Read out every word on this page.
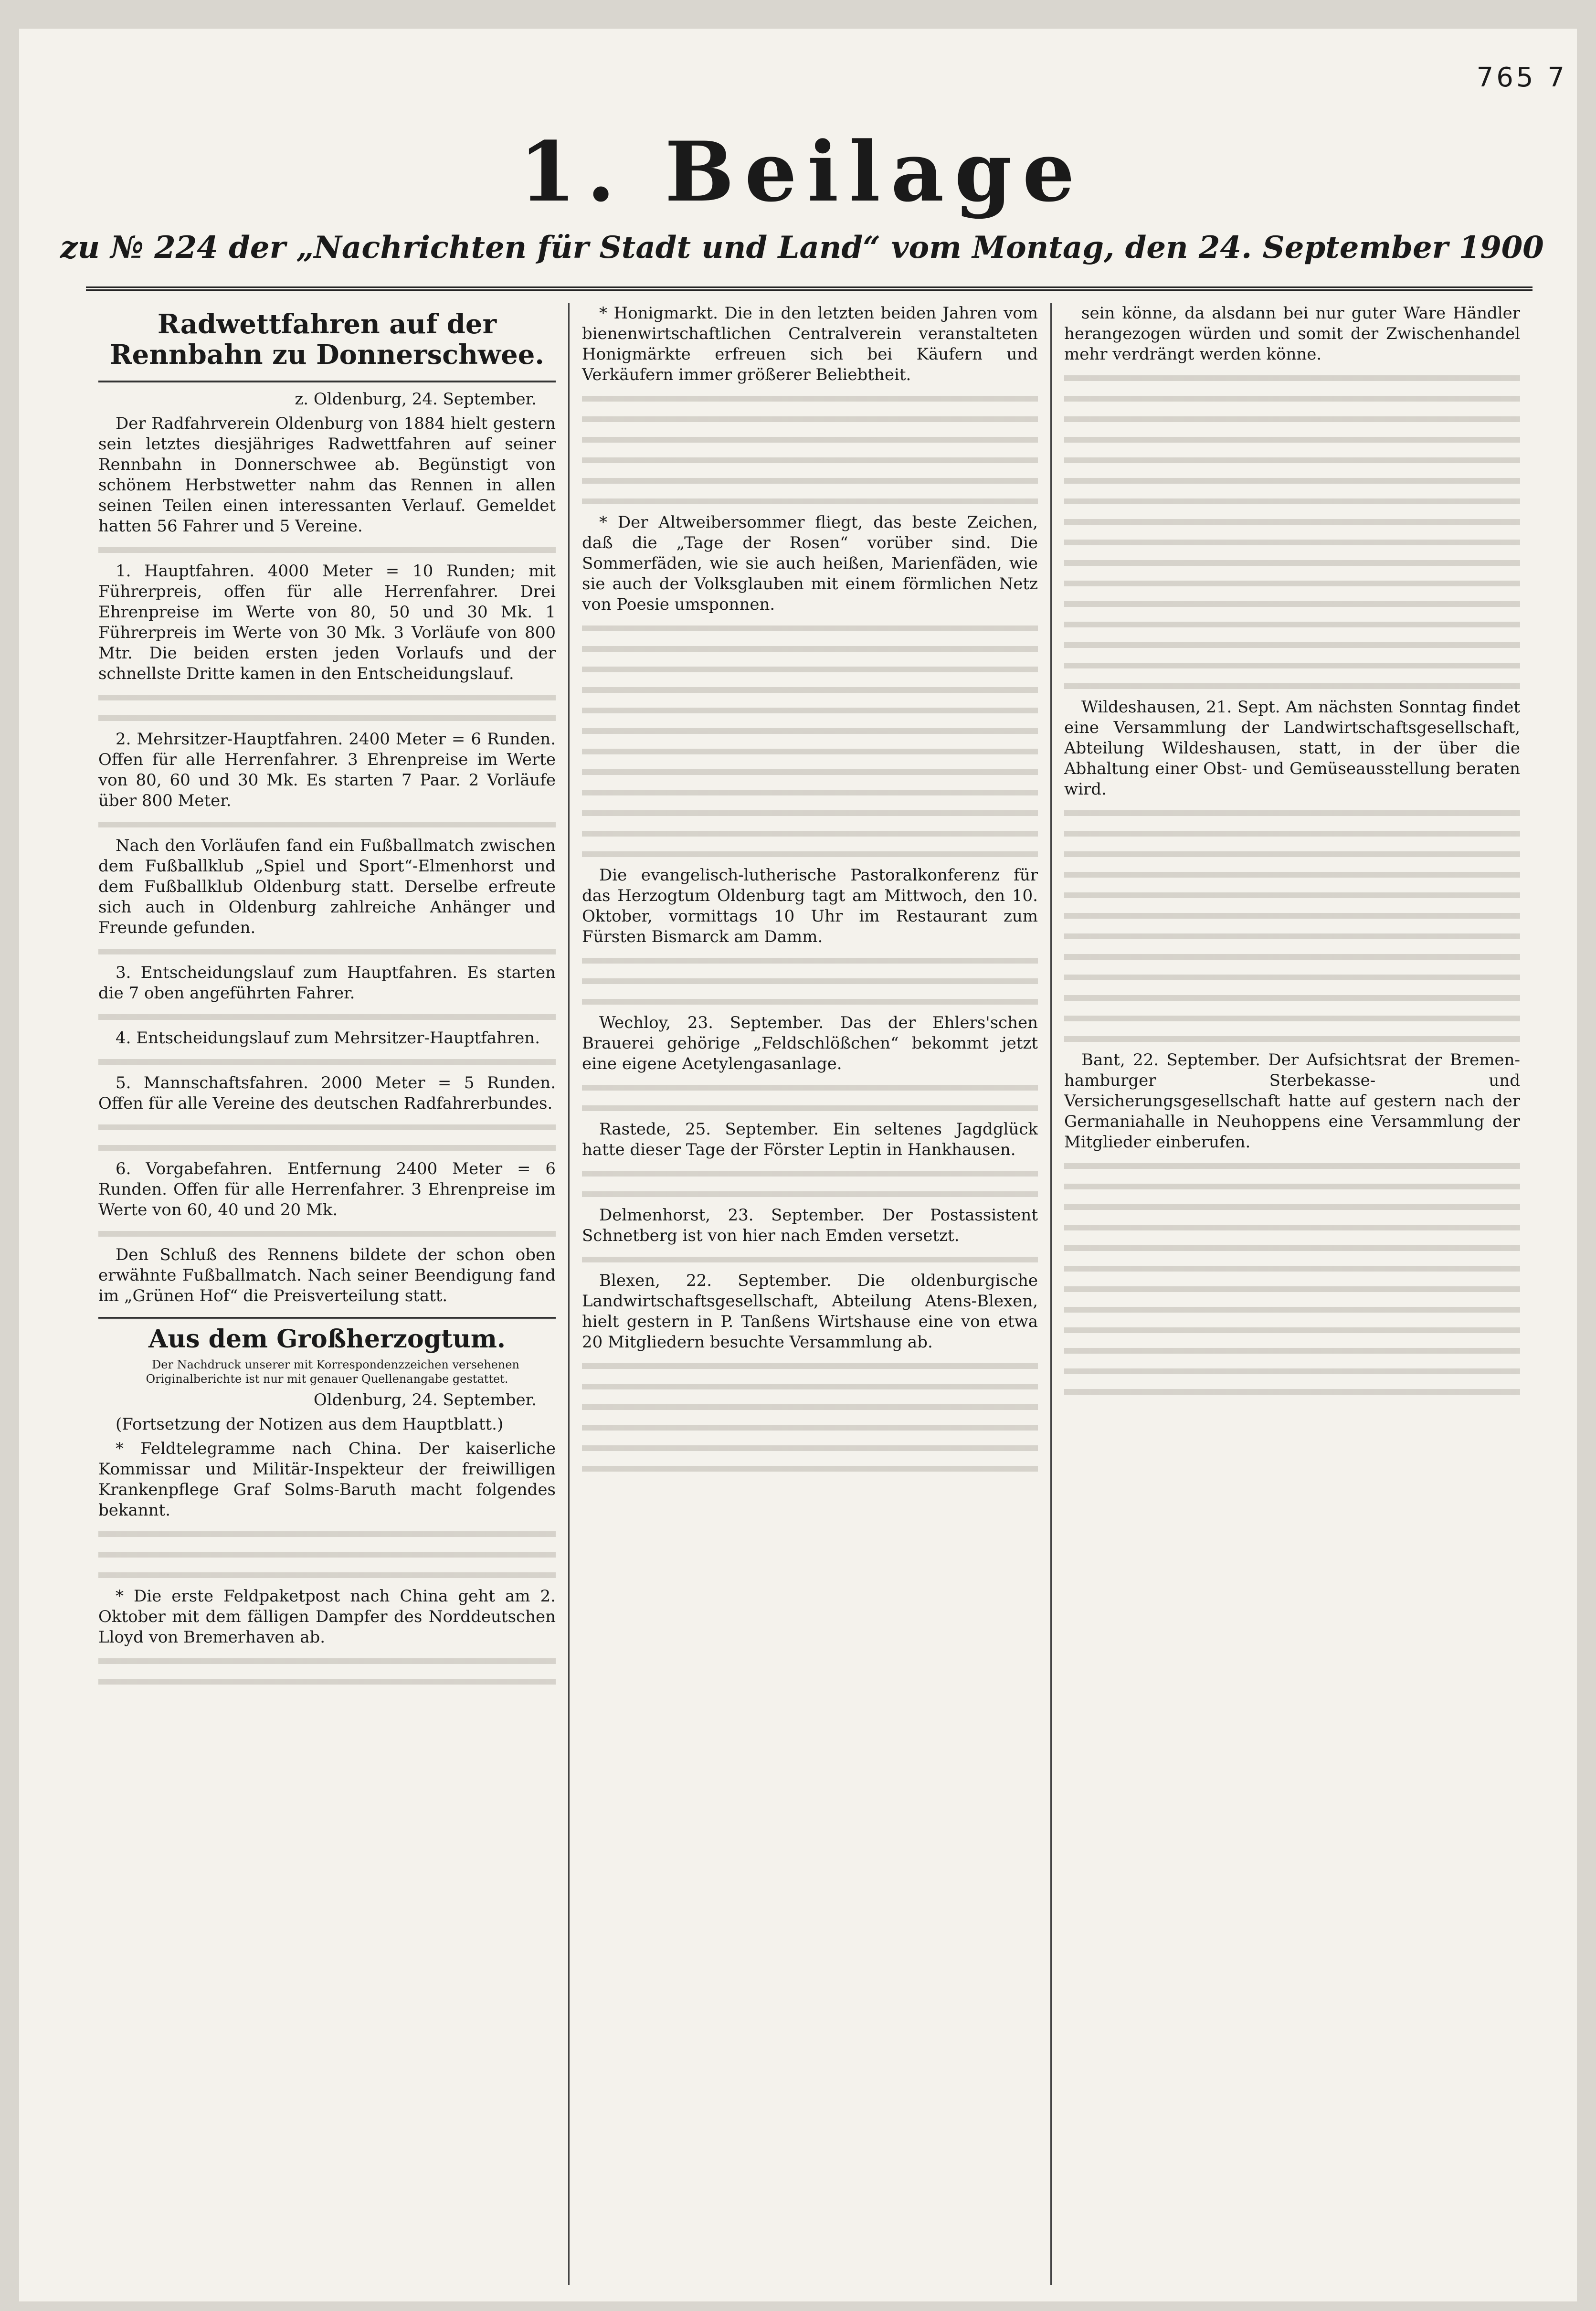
765 7
1. Beilage
zu № 224 der „Nachrichten für Stadt und Land“ vom Montag, den 24. September 1900
Radwettfahren auf der Rennbahn zu Donnerschwee.

z. Oldenburg, 24. September.

Der Radfahrverein Oldenburg von 1884 hielt gestern sein letztes diesjähriges Radwettfahren auf seiner Rennbahn in Donnerschwee ab. Begünstigt von schönem Herbstwetter nahm das Rennen in allen seinen Teilen einen interessanten Verlauf. Gemeldet hatten 56 Fahrer und 5 Vereine.

1. Hauptfahren. 4000 Meter = 10 Runden; mit Führerpreis, offen für alle Herrenfahrer. Drei Ehrenpreise im Werte von 80, 50 und 30 Mk. 1 Führerpreis im Werte von 30 Mk. 3 Vorläufe von 800 Mtr. Die beiden ersten jeden Vorlaufs und der schnellste Dritte kamen in den Entscheidungslauf.

2. Mehrsitzer-Hauptfahren. 2400 Meter = 6 Runden. Offen für alle Herrenfahrer. 3 Ehrenpreise im Werte von 80, 60 und 30 Mk. Es starten 7 Paar. 2 Vorläufe über 800 Meter.

Nach den Vorläufen fand ein Fußballmatch zwischen dem Fußballklub „Spiel und Sport“-Elmenhorst und dem Fußballklub Oldenburg statt. Derselbe erfreute sich auch in Oldenburg zahlreiche Anhänger und Freunde gefunden.

3. Entscheidungslauf zum Hauptfahren. Es starten die 7 oben angeführten Fahrer.

4. Entscheidungslauf zum Mehrsitzer-Hauptfahren.

5. Mannschaftsfahren. 2000 Meter = 5 Runden. Offen für alle Vereine des deutschen Radfahrerbundes.

6. Vorgabefahren. Entfernung 2400 Meter = 6 Runden. Offen für alle Herrenfahrer. 3 Ehrenpreise im Werte von 60, 40 und 20 Mk.

Den Schluß des Rennens bildete der schon oben erwähnte Fußballmatch. Nach seiner Beendigung fand im „Grünen Hof“ die Preisverteilung statt.

Aus dem Großherzogtum.

Der Nachdruck unserer mit Korrespondenzzeichen versehenen Originalberichte ist nur mit genauer Quellenangabe gestattet.

Oldenburg, 24. September.

(Fortsetzung der Notizen aus dem Hauptblatt.)

* Feldtelegramme nach China. Der kaiserliche Kommissar und Militär-Inspekteur der freiwilligen Krankenpflege Graf Solms-Baruth macht folgendes bekannt.

* Die erste Feldpaketpost nach China geht am 2. Oktober mit dem fälligen Dampfer des Norddeutschen Lloyd von Bremerhaven ab.

* Honigmarkt. Die in den letzten beiden Jahren vom bienenwirtschaftlichen Centralverein veranstalteten Honigmärkte erfreuen sich bei Käufern und Verkäufern immer größerer Beliebtheit.

* Der Altweibersommer fliegt, das beste Zeichen, daß die „Tage der Rosen“ vorüber sind. Die Sommerfäden, wie sie auch heißen, Marienfäden, wie sie auch der Volksglauben mit einem förmlichen Netz von Poesie umsponnen.

Die evangelisch-lutherische Pastoralkonferenz für das Herzogtum Oldenburg tagt am Mittwoch, den 10. Oktober, vormittags 10 Uhr im Restaurant zum Fürsten Bismarck am Damm.

Wechloy, 23. September. Das der Ehlers'schen Brauerei gehörige „Feldschlößchen“ bekommt jetzt eine eigene Acetylengasanlage.

Rastede, 25. September. Ein seltenes Jagdglück hatte dieser Tage der Förster Leptin in Hankhausen.

Delmenhorst, 23. September. Der Postassistent Schnetberg ist von hier nach Emden versetzt.

Blexen, 22. September. Die oldenburgische Landwirtschaftsgesellschaft, Abteilung Atens-Blexen, hielt gestern in P. Tanßens Wirtshause eine von etwa 20 Mitgliedern besuchte Versammlung ab.

sein könne, da alsdann bei nur guter Ware Händler herangezogen würden und somit der Zwischenhandel mehr verdrängt werden könne.

Wildeshausen, 21. Sept. Am nächsten Sonntag findet eine Versammlung der Landwirtschaftsgesellschaft, Abteilung Wildeshausen, statt, in der über die Abhaltung einer Obst- und Gemüseausstellung beraten wird.

Bant, 22. September. Der Aufsichtsrat der Bremen-hamburger Sterbekasse- und Versicherungsgesellschaft hatte auf gestern nach der Germaniahalle in Neuhoppens eine Versammlung der Mitglieder einberufen.
